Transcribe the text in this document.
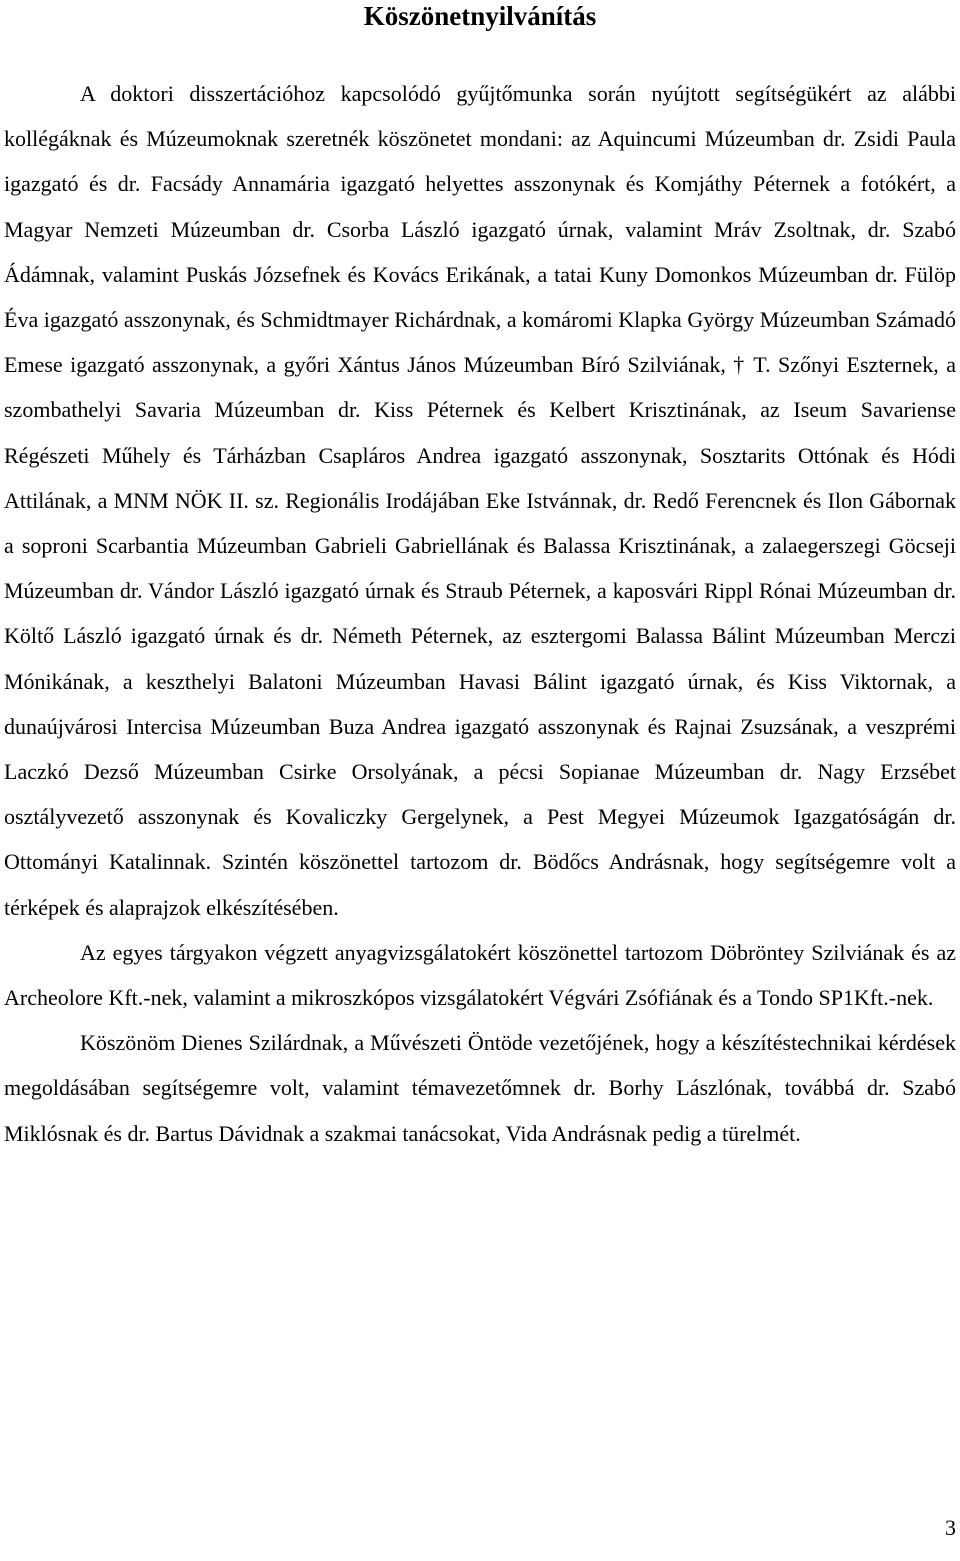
Köszönetnyilvánítás

A doktori disszertációhoz kapcsolódó gyűjtőmunka során nyújtott segítségükért az alábbi kollégáknak és Múzeumoknak szeretnék köszönetet mondani: az Aquincumi Múzeumban dr. Zsidi Paula igazgató és dr. Facsády Annamária igazgató helyettes asszonynak és Komjáthy Péternek a fotókért, a Magyar Nemzeti Múzeumban dr. Csorba László igazgató úrnak, valamint Mráv Zsoltnak, dr. Szabó Ádámnak, valamint Puskás Józsefnek és Kovács Erikának, a tatai Kuny Domonkos Múzeumban dr. Fülöp Éva igazgató asszonynak, és Schmidtmayer Richárdnak, a komáromi Klapka György Múzeumban Számadó Emese igazgató asszonynak, a győri Xántus János Múzeumban Bíró Szilviának, † T. Szőnyi Eszternek, a szombathelyi Savaria Múzeumban dr. Kiss Péternek és Kelbert Krisztinának, az Iseum Savariense Régészeti Műhely és Tárházban Csapláros Andrea igazgató asszonynak, Sosztarits Ottónak és Hódi Attilának, a MNM NÖK II. sz. Regionális Irodájában Eke Istvánnak, dr. Redő Ferencnek és Ilon Gábornak a soproni Scarbantia Múzeumban Gabrieli Gabriellának és Balassa Krisztinának, a zalaegerszegi Göcseji Múzeumban dr. Vándor László igazgató úrnak és Straub Péternek, a kaposvári Rippl Rónai Múzeumban dr. Költő László igazgató úrnak és dr. Németh Péternek, az esztergomi Balassa Bálint Múzeumban Merczi Mónikának, a keszthelyi Balatoni Múzeumban Havasi Bálint igazgató úrnak, és Kiss Viktornak, a dunaújvárosi Intercisa Múzeumban Buza Andrea igazgató asszonynak és Rajnai Zsuzsának, a veszprémi Laczkó Dezső Múzeumban Csirke Orsolyának, a pécsi Sopianae Múzeumban dr. Nagy Erzsébet osztályvezető asszonynak és Kovaliczky Gergelynek, a Pest Megyei Múzeumok Igazgatóságán dr. Ottományi Katalinnak. Szintén köszönettel tartozom dr. Bödőcs Andrásnak, hogy segítségemre volt a térképek és alaprajzok elkészítésében.

Az egyes tárgyakon végzett anyagvizsgálatokért köszönettel tartozom Döbröntey Szilviának és az Archeolore Kft.-nek, valamint a mikroszkópos vizsgálatokért Végvári Zsófiának és a Tondo SP1Kft.-nek.

Köszönöm Dienes Szilárdnak, a Művészeti Öntöde vezetőjének, hogy a készítéstechnikai kérdések megoldásában segítségemre volt, valamint témavezetőmnek dr. Borhy Lászlónak, továbbá dr. Szabó Miklósnak és dr. Bartus Dávidnak a szakmai tanácsokat, Vida Andrásnak pedig a türelmét.

3
